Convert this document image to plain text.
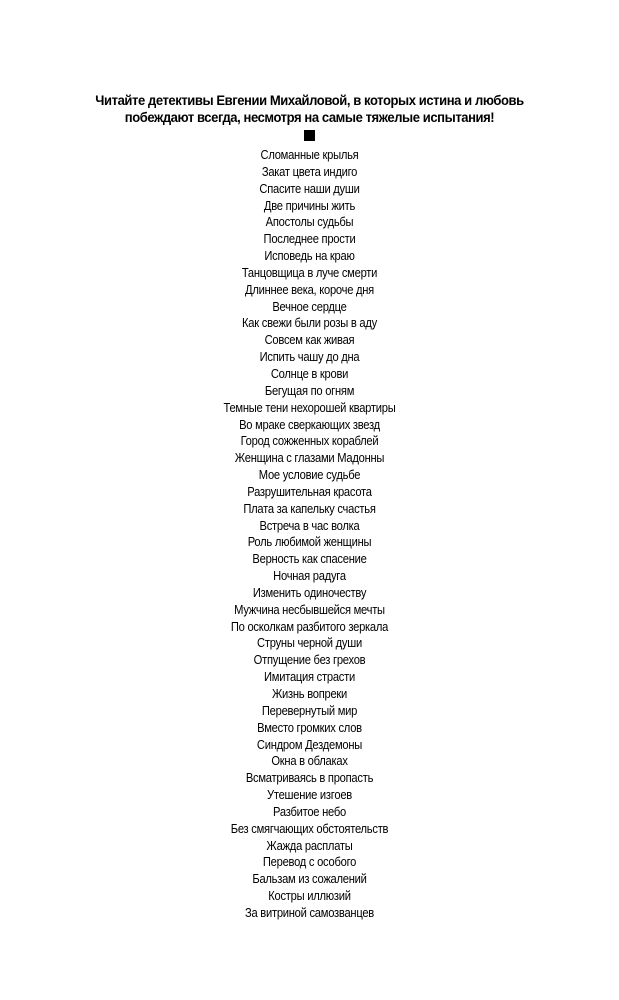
Читайте детективы Евгении Михайловой, в которых истина и любовь
побеждают всегда, несмотря на самые тяжелые испытания!
Сломанные крылья
Закат цвета индиго
Спасите наши души
Две причины жить
Апостолы судьбы
Последнее прости
Исповедь на краю
Танцовщица в луче смерти
Длиннее века, короче дня
Вечное сердце
Как свежи были розы в аду
Совсем как живая
Испить чашу до дна
Солнце в крови
Бегущая по огням
Темные тени нехорошей квартиры
Во мраке сверкающих звезд
Город сожженных кораблей
Женщина с глазами Мадонны
Мое условие судьбе
Разрушительная красота
Плата за капельку счастья
Встреча в час волка
Роль любимой женщины
Верность как спасение
Ночная радуга
Изменить одиночеству
Мужчина несбывшейся мечты
По осколкам разбитого зеркала
Струны черной души
Отпущение без грехов
Имитация страсти
Жизнь вопреки
Перевернутый мир
Вместо громких слов
Синдром Дездемоны
Окна в облаках
Всматриваясь в пропасть
Утешение изгоев
Разбитое небо
Без смягчающих обстоятельств
Жажда расплаты
Перевод с особого
Бальзам из сожалений
Костры иллюзий
За витриной самозванцев
